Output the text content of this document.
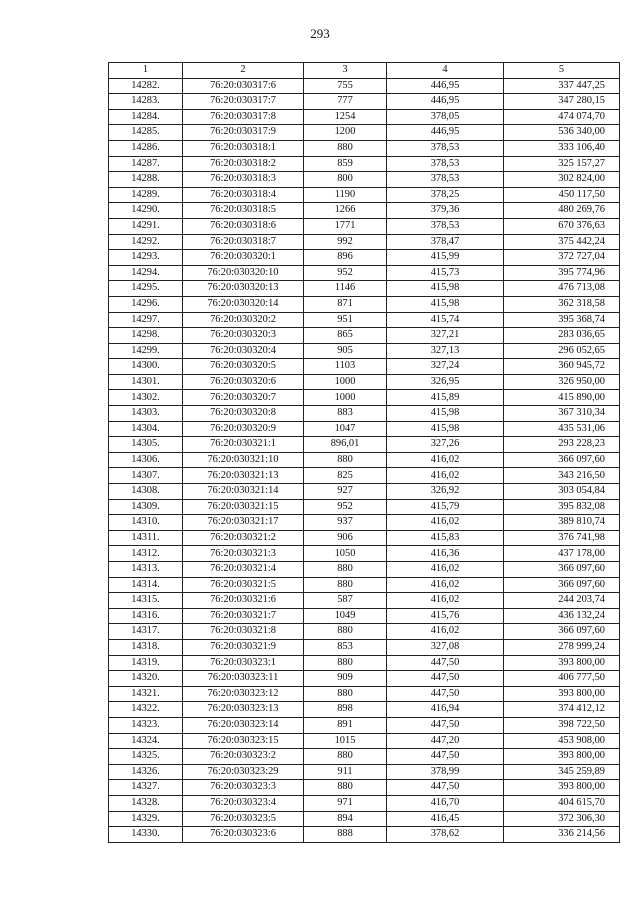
293
1	2	3	4	5
14282.	76:20:030317:6	755	446,95	337 447,25
14283.	76:20:030317:7	777	446,95	347 280,15
14284.	76:20:030317:8	1254	378,05	474 074,70
14285.	76:20:030317:9	1200	446,95	536 340,00
14286.	76:20:030318:1	880	378,53	333 106,40
14287.	76:20:030318:2	859	378,53	325 157,27
14288.	76:20:030318:3	800	378,53	302 824,00
14289.	76:20:030318:4	1190	378,25	450 117,50
14290.	76:20:030318:5	1266	379,36	480 269,76
14291.	76:20:030318:6	1771	378,53	670 376,63
14292.	76:20:030318:7	992	378,47	375 442,24
14293.	76:20:030320:1	896	415,99	372 727,04
14294.	76:20:030320:10	952	415,73	395 774,96
14295.	76:20:030320:13	1146	415,98	476 713,08
14296.	76:20:030320:14	871	415,98	362 318,58
14297.	76:20:030320:2	951	415,74	395 368,74
14298.	76:20:030320:3	865	327,21	283 036,65
14299.	76:20:030320:4	905	327,13	296 052,65
14300.	76:20:030320:5	1103	327,24	360 945,72
14301.	76:20:030320:6	1000	326,95	326 950,00
14302.	76:20:030320:7	1000	415,89	415 890,00
14303.	76:20:030320:8	883	415,98	367 310,34
14304.	76:20:030320:9	1047	415,98	435 531,06
14305.	76:20:030321:1	896,01	327,26	293 228,23
14306.	76:20:030321:10	880	416,02	366 097,60
14307.	76:20:030321:13	825	416,02	343 216,50
14308.	76:20:030321:14	927	326,92	303 054,84
14309.	76:20:030321:15	952	415,79	395 832,08
14310.	76:20:030321:17	937	416,02	389 810,74
14311.	76:20:030321:2	906	415,83	376 741,98
14312.	76:20:030321:3	1050	416,36	437 178,00
14313.	76:20:030321:4	880	416,02	366 097,60
14314.	76:20:030321:5	880	416,02	366 097,60
14315.	76:20:030321:6	587	416,02	244 203,74
14316.	76:20:030321:7	1049	415,76	436 132,24
14317.	76:20:030321:8	880	416,02	366 097,60
14318.	76:20:030321:9	853	327,08	278 999,24
14319.	76:20:030323:1	880	447,50	393 800,00
14320.	76:20:030323:11	909	447,50	406 777,50
14321.	76:20:030323:12	880	447,50	393 800,00
14322.	76:20:030323:13	898	416,94	374 412,12
14323.	76:20:030323:14	891	447,50	398 722,50
14324.	76:20:030323:15	1015	447,20	453 908,00
14325.	76:20:030323:2	880	447,50	393 800,00
14326.	76:20:030323:29	911	378,99	345 259,89
14327.	76:20:030323:3	880	447,50	393 800,00
14328.	76:20:030323:4	971	416,70	404 615,70
14329.	76:20:030323:5	894	416,45	372 306,30
14330.	76:20:030323:6	888	378,62	336 214,56
